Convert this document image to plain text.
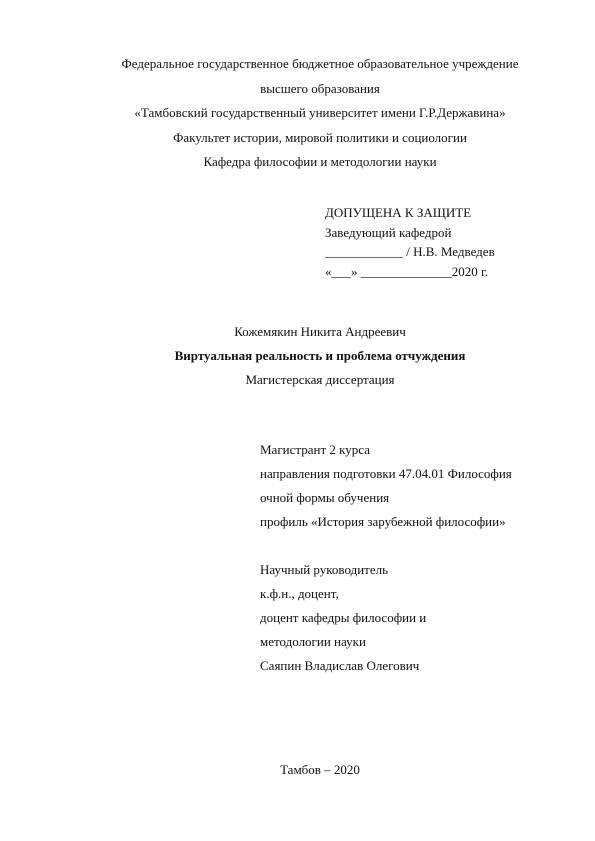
Федеральное государственное бюджетное образовательное учреждение
высшего образования
«Тамбовский государственный университет имени Г.Р.Державина»
Факультет истории, мировой политики и социологии
Кафедра философии и методологии науки
ДОПУЩЕНА К ЗАЩИТЕ
Заведующий кафедрой
____________ / Н.В. Медведев
«___» ______________2020 г.
Кожемякин Никита Андреевич
Виртуальная реальность и проблема отчуждения
Магистерская диссертация
Магистрант 2 курса
направления подготовки 47.04.01 Философия
очной формы обучения
профиль «История зарубежной философии»
Научный руководитель
к.ф.н., доцент,
доцент кафедры философии и
методологии науки
Саяпин Владислав Олегович
Тамбов – 2020
